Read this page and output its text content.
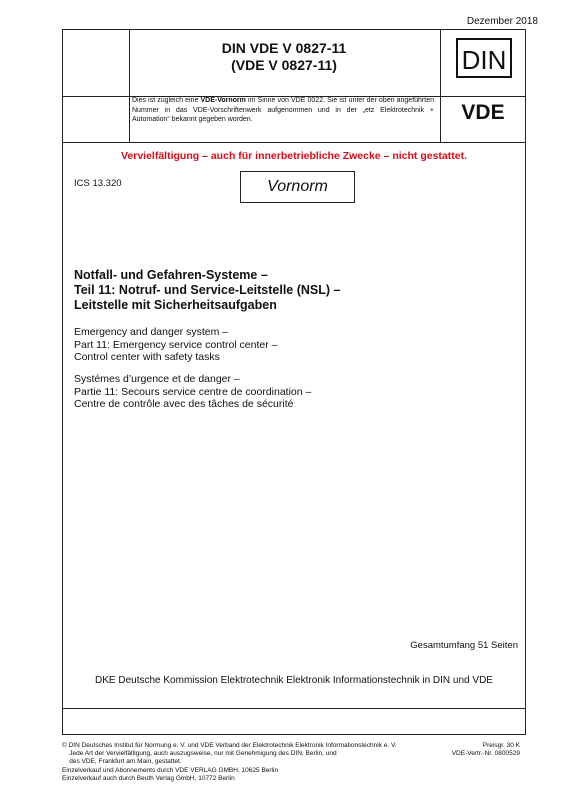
Dezember 2018
DIN VDE V 0827-11
(VDE V 0827-11)	DIN
Dies ist zugleich eine VDE-Vornorm im Sinne von VDE 0022. Sie ist unter der oben angeführten Nummer in das VDE-Vorschriftenwerk aufgenommen und in der „etz Elektrotechnik + Automation“ bekannt gegeben worden.	VDE
Vervielfältigung – auch für innerbetriebliche Zwecke – nicht gestattet.
ICS 13.320	Vornorm
Notfall- und Gefahren-Systeme –
Teil 11: Notruf- und Service-Leitstelle (NSL) –
Leitstelle mit Sicherheitsaufgaben
Emergency and danger system –
Part 11: Emergency service control center –
Control center with safety tasks
Systémes d’urgence et de danger –
Partie 11: Secours service centre de coordination –
Centre de contrôle avec des tâches de sécurité
Gesamtumfang 51 Seiten
DKE Deutsche Kommission Elektrotechnik Elektronik Informationstechnik in DIN und VDE
© DIN Deutsches Institut für Normung e. V. und VDE Verband der Elektrotechnik Elektronik Informationstechnik e. V.
Jede Art der Vervielfältigung, auch auszugsweise, nur mit Genehmigung des DIN, Berlin, und
des VDE, Frankfurt am Main, gestattet.
Einzelverkauf und Abonnements durch VDE VERLAG GMBH, 10625 Berlin
Einzelverkauf auch durch Beuth Verlag GmbH, 10772 Berlin
Preisgr. 30 K
VDE-Vertr.-Nr. 0800529
